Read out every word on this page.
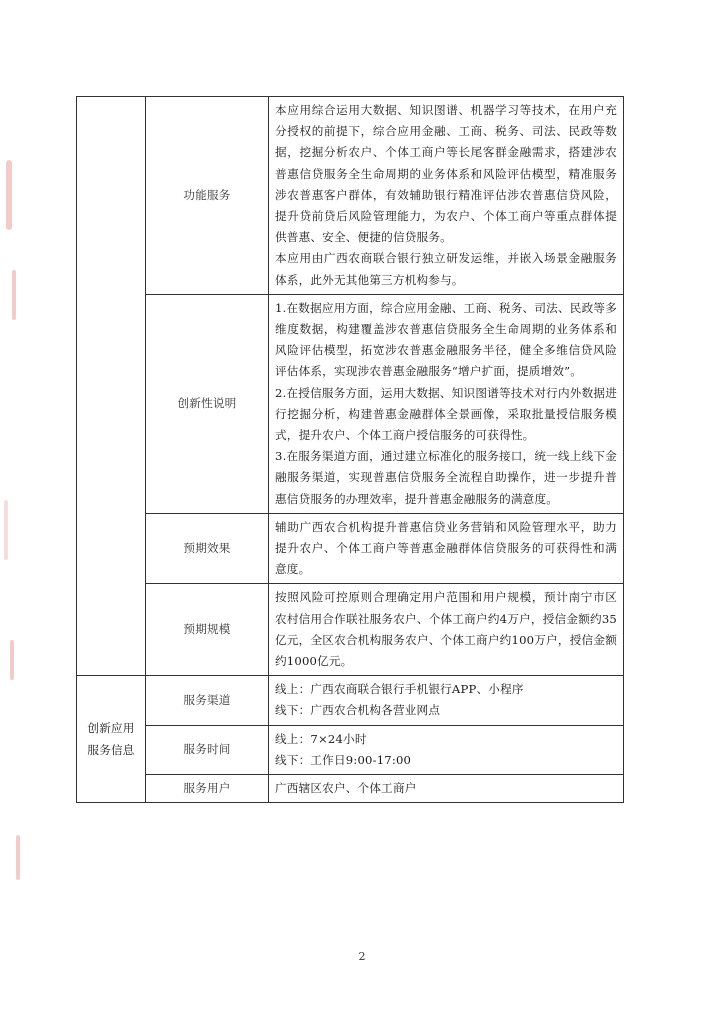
	功能服务	本应用综合运用大数据、知识图谱、机器学习等技术，在用户充分授权的前提下，综合应用金融、工商、税务、司法、民政等数据，挖掘分析农户、个体工商户等长尾客群金融需求，搭建涉农普惠信贷服务全生命周期的业务体系和风险评估模型，精准服务涉农普惠客户群体，有效辅助银行精准评估涉农普惠信贷风险，提升贷前贷后风险管理能力，为农户、个体工商户等重点群体提供普惠、安全、便捷的信贷服务。

本应用由广西农商联合银行独立研发运维，并嵌入场景金融服务体系，此外无其他第三方机构参与。

	创新性说明	1.在数据应用方面，综合应用金融、工商、税务、司法、民政等多维度数据，构建覆盖涉农普惠信贷服务全生命周期的业务体系和风险评估模型，拓宽涉农普惠金融服务半径，健全多维信贷风险评估体系，实现涉农普惠金融服务“增户扩面，提质增效”。

2.在授信服务方面，运用大数据、知识图谱等技术对行内外数据进行挖掘分析，构建普惠金融群体全景画像，采取批量授信服务模式，提升农户、个体工商户授信服务的可获得性。

3.在服务渠道方面，通过建立标准化的服务接口，统一线上线下金融服务渠道，实现普惠信贷服务全流程自助操作，进一步提升普惠信贷服务的办理效率，提升普惠金融服务的满意度。

	预期效果	辅助广西农合机构提升普惠信贷业务营销和风险管理水平，助力提升农户、个体工商户等普惠金融群体信贷服务的可获得性和满意度。

	预期规模	按照风险可控原则合理确定用户范围和用户规模，预计南宁市区农村信用合作联社服务农户、个体工商户约4万户，授信金额约35亿元，全区农合机构服务农户、个体工商户约100万户，授信金额约1000亿元。

创新应用服务信息	服务渠道	线上：广西农商联合银行手机银行APP、小程序

线下：广西农合机构各营业网点

	服务时间	线上：7×24小时

线下：工作日9:00-17:00

	服务用户	广西辖区农户、个体工商户

2
